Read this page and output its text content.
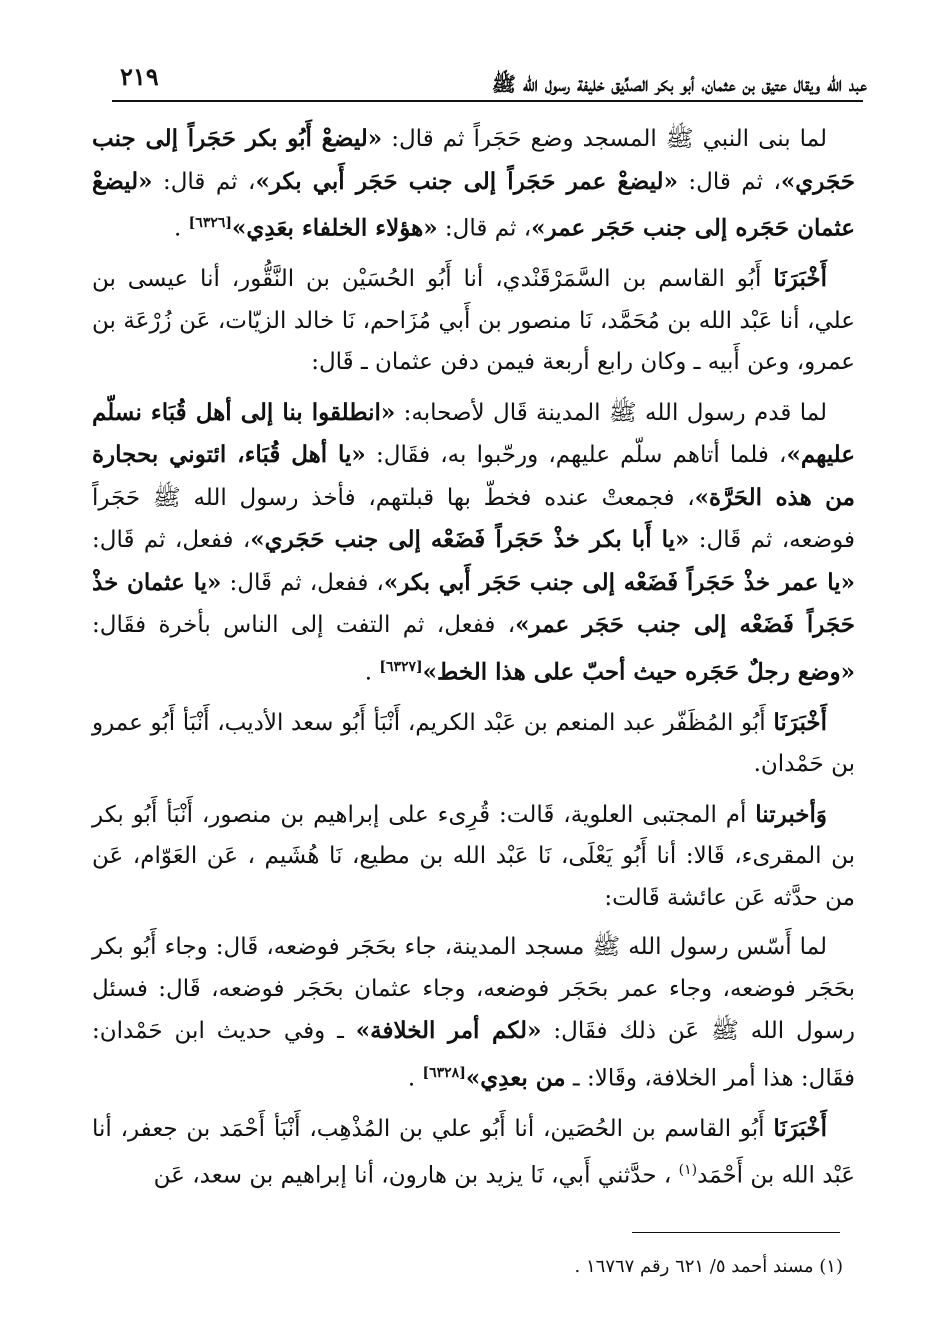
٢١٩	عبد الله ويقال عتيق بن عثمان، أبو بكر الصدِّيق خليفة رسول الله ﷺ

لما بنى النبي ﷺ المسجد وضع حَجَراً ثم قال: «ليضعْ أَبُو بكر حَجَراً إلى جنب حَجَري»، ثم قال: «ليضعْ عمر حَجَراً إلى جنب حَجَر أَبي بكر»، ثم قال: «ليضعْ عثمان حَجَره إلى جنب حَجَر عمر»، ثم قال: «هؤلاء الخلفاء بعَدِي»[٦٣٢٦] .

أَخْبَرَنَا أَبُو القاسم بن السَّمَرْقَنْدي، أنا أَبُو الحُسَيْن بن النَّقُّور، أنا عيسى بن علي، أنا عَبْد الله بن مُحَمَّد، نَا منصور بن أَبي مُزَاحم، نَا خالد الزيّات، عَن زُرْعَة بن عمرو، وعن أَبيه ـ وكان رابع أربعة فيمن دفن عثمان ـ قَال:

لما قدم رسول الله ﷺ المدينة قَال لأصحابه: «انطلقوا بنا إلى أهل قُبَاء نسلّم عليهم»، فلما أتاهم سلّم عليهم، ورحّبوا به، فقَال: «يا أهل قُبَاء، ائتوني بحجارة من هذه الحَرَّة»، فجمعتْ عنده فخطّ بها قبلتهم، فأخذ رسول الله ﷺ حَجَراً فوضعه، ثم قَال: «يا أَبا بكر خذْ حَجَراً فَضَعْه إلى جنب حَجَري»، ففعل، ثم قَال: «يا عمر خذْ حَجَراً فَضَعْه إلى جنب حَجَر أَبي بكر»، ففعل، ثم قَال: «يا عثمان خذْ حَجَراً فَضَعْه إلى جنب حَجَر عمر»، ففعل، ثم التفت إلى الناس بأخرة فقَال: «وضع رجلٌ حَجَره حيث أحبّ على هذا الخط»[٦٣٢٧] .

أَخْبَرَنَا أَبُو المُظَفّر عبد المنعم بن عَبْد الكريم، أَنْبَأ أَبُو سعد الأديب، أَنْبَأ أَبُو عمرو بن حَمْدان.

وَأخبرتنا أم المجتبى العلوية، قَالت: قُرِىء على إبراهيم بن منصور، أَنْبَأ أَبُو بكر بن المقرىء، قَالا: أنا أَبُو يَعْلَى، نَا عَبْد الله بن مطيع، نَا هُشَيم ، عَن العَوّام، عَن من حدَّثه عَن عائشة قَالت:

لما أَسّس رسول الله ﷺ مسجد المدينة، جاء بحَجَر فوضعه، قَال: وجاء أَبُو بكر بحَجَر فوضعه، وجاء عمر بحَجَر فوضعه، وجاء عثمان بحَجَر فوضعه، قَال: فسئل رسول الله ﷺ عَن ذلك فقَال: «لكم أمر الخلافة» ـ وفي حديث ابن حَمْدان: فقَال: هذا أمر الخلافة، وقَالا: ـ من بعدِي»[٦٣٢٨] .

أَخْبَرَنَا أَبُو القاسم بن الحُصَين، أنا أَبُو علي بن المُذْهِب، أَنْبَأ أَحْمَد بن جعفر، أنا عَبْد الله بن أَحْمَد$^{(١)}$ ، حدَّثني أَبي، نَا يزيد بن هارون، أنا إبراهيم بن سعد، عَن

(١) مسند أحمد ٥/ ٦٢١ رقم ١٦٧٦٧ .
